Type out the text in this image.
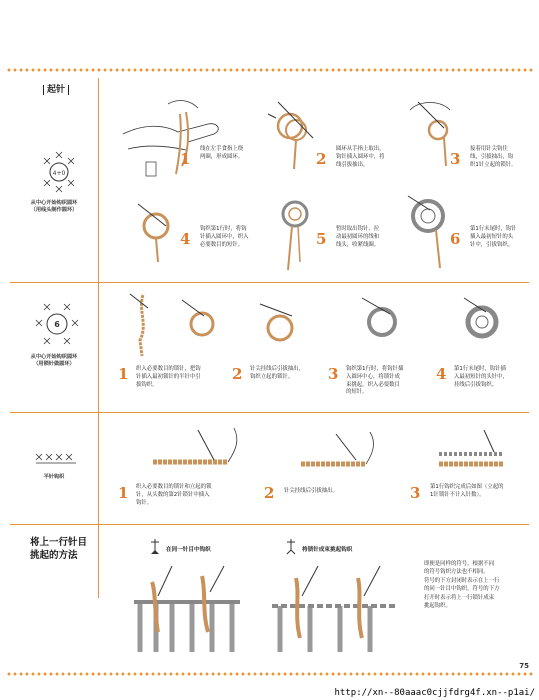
起针
4+0
从中心开始钩织圆环
（用线头制作圆环）
1
线在左手食指上绕
两圈，形成圆环。	2
圆环从手指上取出，
钩针插入圆环中，将
线引拔抽出。	3
接着用针尖钩住
线，引拔抽出，钩
织1针立起的锁针。
4
钩织第1行时，将钩
针插入圆环中，织入
必要数目的短针。	5
暂时取出钩针，拉
动最初圆环的线和
线头，收紧线圈。	6
第1行末尾时，钩针
插入最初短针的头
针中，引拔钩织。
6
从中心开始钩织圆环
（用锁针做圆环）
1 织入必要数目的锁针，把钩
针插入最初锁针的半针中引
拔钩织。
2 针尖挂线后引拔抽出，
钩织立起的锁针。	3 钩织第1行时，将钩针插
入圆环中心，将锁针成
束挑起，织入必要数目
的短针。
4 第1行末尾时，钩针插
入最初短针的头针中，
挂线后引拔钩织。
平针钩织
1 织入必要数目的锁针和立起的锁
针，从头数的第2针锁针中插入
钩针。
2 针尖挂线后引拔抽出。	3 第1行钩织完成后如图（立起的
1针锁针不计入针数）。
将上一行针目
挑起的方法	在同一针目中钩织	将锁针成束挑起钩织
即便是同样的符号，根据不同
的符号钩织方法也不相同。
符号的下方封闭时表示在上一行
的同一针目中钩织，符号的下方
打开时表示将上一行锁针成束
挑起钩织。
75
http://xn--80aaac0cjjfdrg4f.xn--p1ai/
